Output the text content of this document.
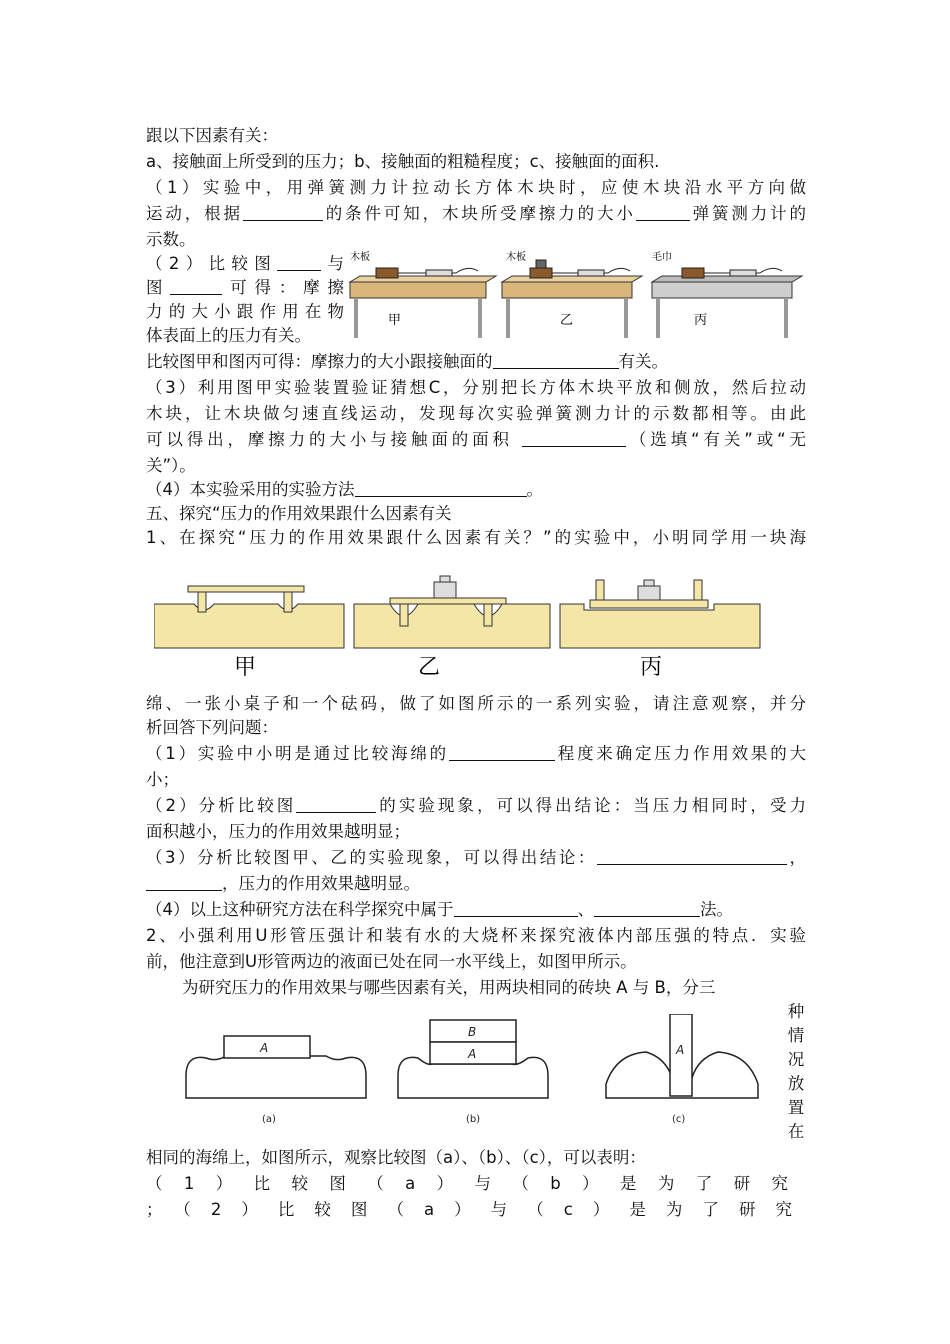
跟以下因素有关：
a、接触面上所受到的压力；b、接触面的粗糙程度；c、接触面的面积.
（1）实验中，用弹簧测力计拉动长方体木块时，应使木块沿水平方向做
运动，根据	的条件可知，木块所受摩擦力的大小	弹簧测力计的
示数。
（2）比较图	与
图	可得：摩擦
力的大小跟作用在物
体表面上的压力有关。
木板
甲
木板
乙
毛巾
丙
比较图甲和图丙可得：摩擦力的大小跟接触面的	有关。
（3）利用图甲实验装置验证猜想C，分别把长方体木块平放和侧放，然后拉动
木块，让木块做匀速直线运动，发现每次实验弹簧测力计的示数都相等。由此
可以得出，摩擦力的大小与接触面的面积	（选填“有关”或“无
关”）。
（4）本实验采用的实验方法	。
五、探究“压力的作用效果跟什么因素有关
1、在探究“压力的作用效果跟什么因素有关？”的实验中，小明同学用一块海
甲	乙	丙
绵、一张小桌子和一个砝码，做了如图所示的一系列实验，请注意观察，并分
析回答下列问题：
（1）实验中小明是通过比较海绵的	程度来确定压力作用效果的大
小；
（2）分析比较图	的实验现象，可以得出结论：当压力相同时，受力
面积越小，压力的作用效果越明显；
（3）分析比较图甲、乙的实验现象，可以得出结论：	，
，压力的作用效果越明显。
（4）以上这种研究方法在科学探究中属于	、	法。
2、小强利用U形管压强计和装有水的大烧杯来探究液体内部压强的特点．实验
前，他注意到U形管两边的液面已处在同一水平线上，如图甲所示。
为研究压力的作用效果与哪些因素有关，用两块相同的砖块 A 与 B，分三
种
情
况
放
置
在
A
(a)
B
A
(b)
A
(c)
相同的海绵上，如图所示，观察比较图（a）、（b）、（c），可以表明：
（1）比较图（a）与（b）是为了研究
；（2）比较图（a）与（c）是为了研究
